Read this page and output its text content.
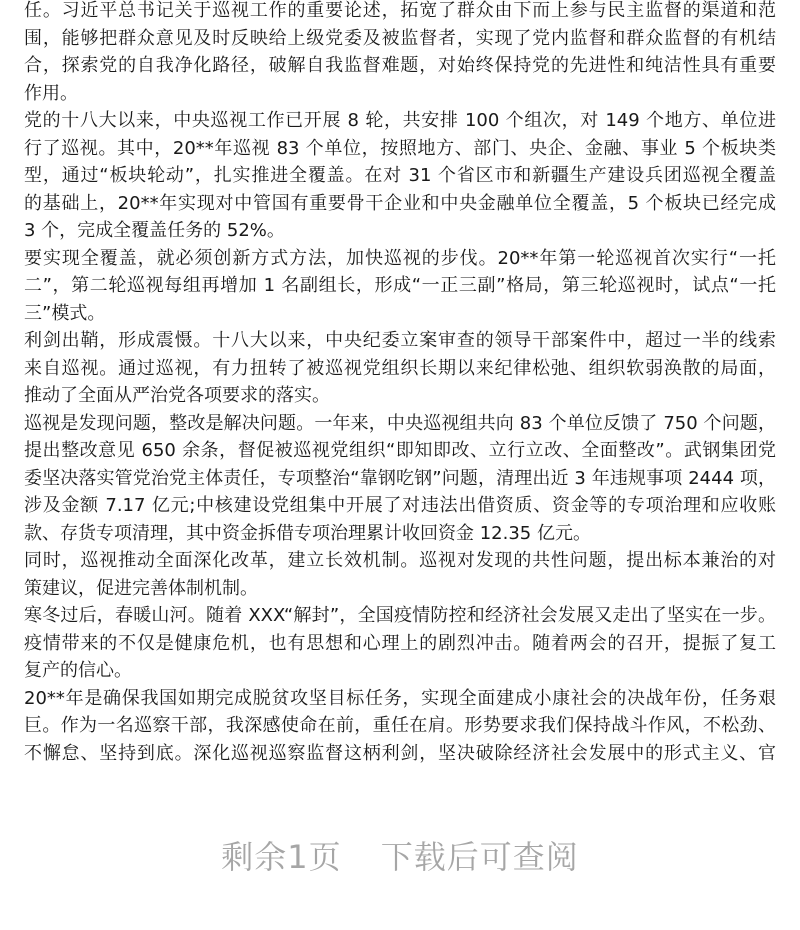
任。习近平总书记关于巡视工作的重要论述，拓宽了群众由下而上参与民主监督的渠道和范
围，能够把群众意见及时反映给上级党委及被监督者，实现了党内监督和群众监督的有机结
合，探索党的自我净化路径，破解自我监督难题，对始终保持党的先进性和纯洁性具有重要
作用。
党的十八大以来，中央巡视工作已开展 8 轮，共安排 100 个组次，对 149 个地方、单位进
行了巡视。其中，20**年巡视 83 个单位，按照地方、部门、央企、金融、事业 5 个板块类
型，通过“板块轮动”，扎实推进全覆盖。在对 31 个省区市和新疆生产建设兵团巡视全覆盖
的基础上，20**年实现对中管国有重要骨干企业和中央金融单位全覆盖，5 个板块已经完成
3 个，完成全覆盖任务的 52%。
要实现全覆盖，就必须创新方式方法，加快巡视的步伐。20**年第一轮巡视首次实行“一托
二”，第二轮巡视每组再增加 1 名副组长，形成“一正三副”格局，第三轮巡视时，试点“一托
三”模式。
利剑出鞘，形成震慑。十八大以来，中央纪委立案审查的领导干部案件中，超过一半的线索
来自巡视。通过巡视，有力扭转了被巡视党组织长期以来纪律松弛、组织软弱涣散的局面，
推动了全面从严治党各项要求的落实。
巡视是发现问题，整改是解决问题。一年来，中央巡视组共向 83 个单位反馈了 750 个问题，
提出整改意见 650 余条，督促被巡视党组织“即知即改、立行立改、全面整改”。武钢集团党
委坚决落实管党治党主体责任，专项整治“靠钢吃钢”问题，清理出近 3 年违规事项 2444 项，
涉及金额 7.17 亿元;中核建设党组集中开展了对违法出借资质、资金等的专项治理和应收账
款、存货专项清理，其中资金拆借专项治理累计收回资金 12.35 亿元。
同时，巡视推动全面深化改革，建立长效机制。巡视对发现的共性问题，提出标本兼治的对
策建议，促进完善体制机制。
寒冬过后，春暖山河。随着 XXX“解封”，全国疫情防控和经济社会发展又走出了坚实在一步。
疫情带来的不仅是健康危机，也有思想和心理上的剧烈冲击。随着两会的召开，提振了复工
复产的信心。
20**年是确保我国如期完成脱贫攻坚目标任务，实现全面建成小康社会的决战年份，任务艰
巨。作为一名巡察干部，我深感使命在前，重任在肩。形势要求我们保持战斗作风，不松劲、
不懈怠、坚持到底。深化巡视巡察监督这柄利剑，坚决破除经济社会发展中的形式主义、官
剩余1页 下载后可查阅
